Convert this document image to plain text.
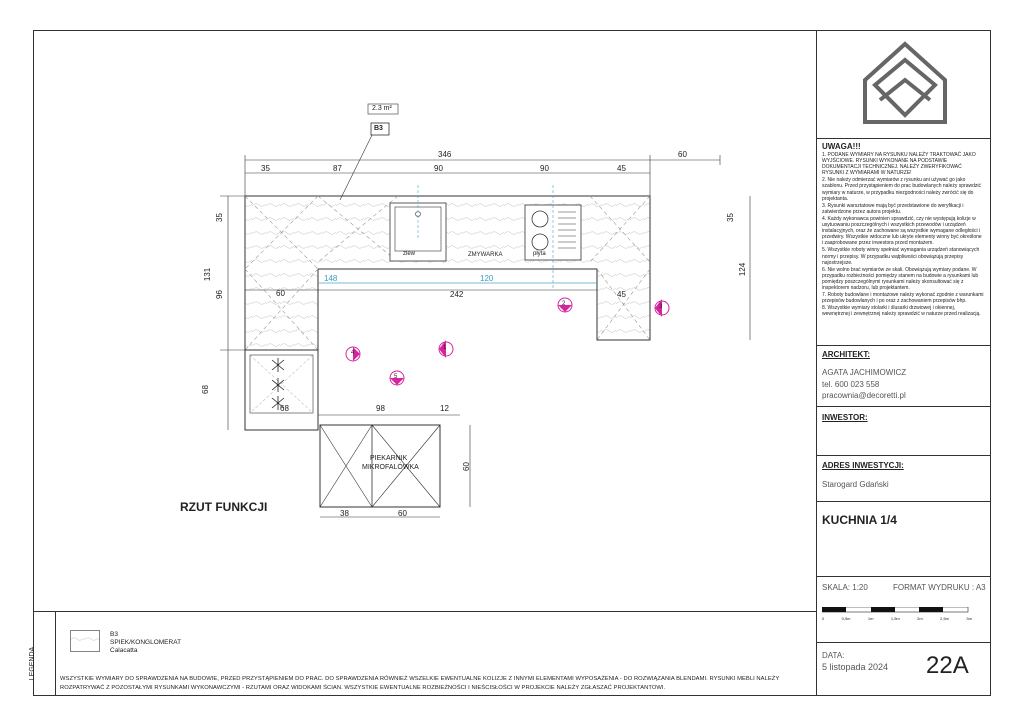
2.3 m²
B3
346	60
35	87	90	90	45
35
131
96
68
35
124
148	120
60	242	45
68	98	12
38	60
60
zlew	ZMYWARKA	płyta
PIEKARNIK
MIKROFALÓWKA
1
2	3
4
5
RZUT FUNKCJI
UWAGA!!!
1. PODANE WYMIARY NA RYSUNKU NALEŻY TRAKTOWAĆ JAKO WYJŚCIOWE. RYSUNKI WYKONANE NA PODSTAWIE DOKUMENTACJI TECHNICZNEJ. NALEŻY ZWERYFIKOWAĆ RYSUNKI Z WYMIARAMI W NATURZE!
2. Nie należy odmierzać wymiarów z rysunku ani używać go jako szablonu. Przed przystąpieniem do prac budowlanych należy sprawdzić wymiary w naturze, w przypadku niezgodności należy zwrócić się do projektanta.
3. Rysunki warsztatowe mają być przedstawione do weryfikacji i zatwierdzone przez autora projektu.
4. Każdy wykonawca powinien sprawdzić, czy nie występują kolizje w usytuowaniu poszczególnych i wszystkich przewodów i urządzeń instalacyjnych, oraz że zachowane są wszystkie wymagane odległości i przedwiry. Wszystkie widoczne lub ukryte elementy winny być określone i zaaprobowane przez inwestora przed montażem.
5. Wszystkie roboty winny spełniać wymagania urządzeń stanowiących normy i przepisy. W przypadku wątpliwości obowiązują przepisy najostrzejsze.
6. Nie wolno brać wymiarów ze skali. Obowiązują wymiary podane. W przypadku rozbieżności pomiędzy stanem na budowie a rysunkami lub pomiędzy poszczególnymi rysunkami należy skonsultować się z inspektorem nadzoru, lub projektantem.
7. Roboty budowlane i montażowe należy wykonać zgodnie z warunkami przepisów budowlanych i po oraz z zachowaniem przepisów bhp.
8. Wszystkie wymiary stolarki i ślusarki drzwiowej i okiennej, wewnętrznej i zewnętrznej należy sprawdzić w naturze przed realizacją.
ARCHITEKT:
AGATA JACHIMOWICZ
tel. 600 023 558
pracownia@decoretti.pl
INWESTOR:
ADRES INWESTYCJI:
Starogard Gdański
KUCHNIA 1/4
SKALA: 1:20	FORMAT WYDRUKU : A3
0	0,5m	1m	1,5m	2m	2,5m	3m
DATA:
5 listopada 2024 22A
LEGENDA
B3
SPIEK/KONGLOMERAT
Calacatta
WSZYSTKIE WYMIARY DO SPRAWDZENIA NA BUDOWIE, PRZED PRZYSTĄPIENIEM DO PRAC. DO SPRAWDZENIA RÓWNIEŻ WSZELKIE EWENTUALNE KOLIZJE Z INNYMI ELEMENTAMI WYPOSAŻENIA - DO ROZWIĄZANIA BLENDAMI. RYSUNKI MEBLI NALEŻY
ROZPATRYWAĆ Z POZOSTAŁYMI RYSUNKAMI WYKONAWCZYMI - RZUTAMI ORAZ WIDOKAMI ŚCIAN. WSZYSTKIE EWENTUALNE ROZBIEŻNOŚCI I NIEŚCISŁOŚCI W PROJEKCIE NALEŻY ZGŁASZAĆ PROJEKTANTOWI.
